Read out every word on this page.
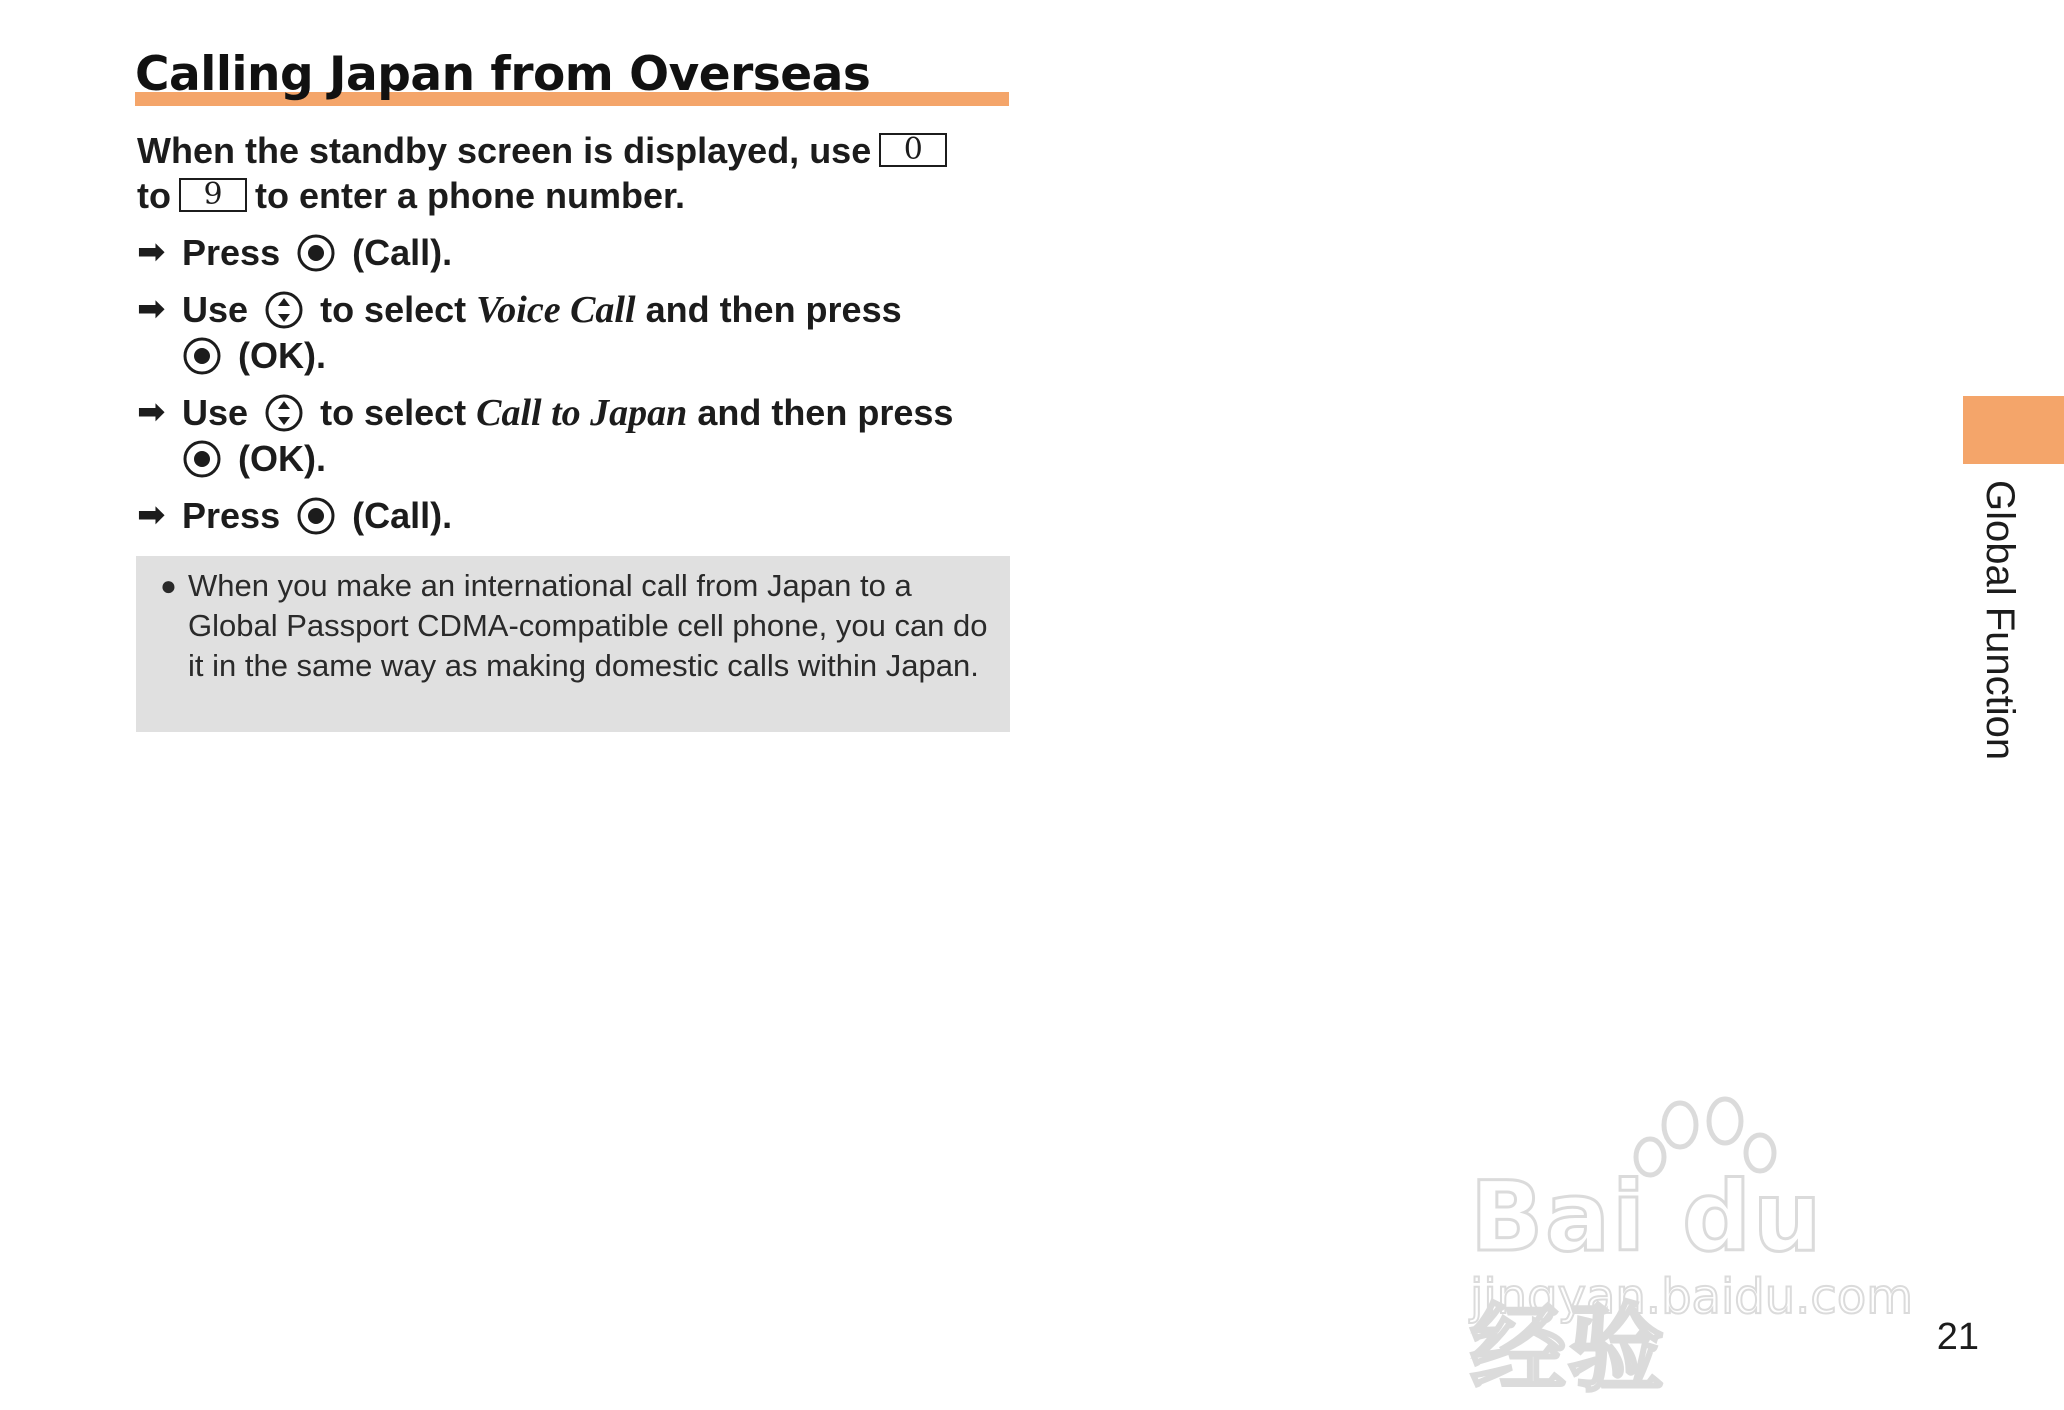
Calling Japan from Overseas

When the standby screen is displayed, use 0
to 9 to enter a phone number.

➡ Press (Call).
➡ Use to select Voice Call and then press
(OK).
➡ Use to select Call to Japan and then press
(OK).
➡ Press (Call).
● When you make an international call from Japan to a Global Passport CDMA-compatible cell phone, you can do it in the same way as making domestic calls within Japan.	Global Function
Bai du 经验
jingyan.baidu.com
21
